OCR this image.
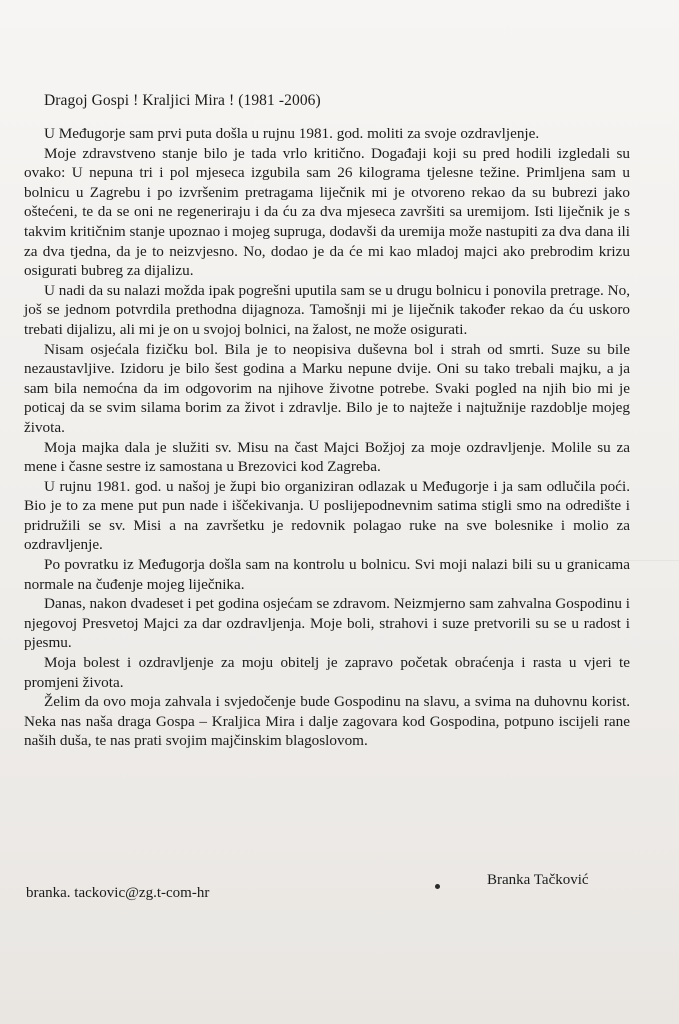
Dragoj Gospi ! Kraljici Mira ! (1981 -2006)

U Međugorje sam prvi puta došla u rujnu 1981. god. moliti za svoje ozdravljenje.

Moje zdravstveno stanje bilo je tada vrlo kritično. Događaji koji su pred hodili izgledali su ovako: U nepuna tri i pol mjeseca izgubila sam 26 kilograma tjelesne težine. Primljena sam u bolnicu u Zagrebu i po izvršenim pretragama liječnik mi je otvoreno rekao da su bubrezi jako oštećeni, te da se oni ne regeneriraju i da ću za dva mjeseca završiti sa uremijom. Isti liječnik je s takvim kritičnim stanje upoznao i mojeg supruga, dodavši da uremija može nastupiti za dva dana ili za dva tjedna, da je to neizvjesno. No, dodao je da će mi kao mladoj majci ako prebrodim krizu osigurati bubreg za dijalizu.

U nadi da su nalazi možda ipak pogrešni uputila sam se u drugu bolnicu i ponovila pretrage. No, još se jednom potvrdila prethodna dijagnoza. Tamošnji mi je liječnik također rekao da ću uskoro trebati dijalizu, ali mi je on u svojoj bolnici, na žalost, ne može osigurati.

Nisam osjećala fizičku bol. Bila je to neopisiva duševna bol i strah od smrti. Suze su bile nezaustavljive. Izidoru je bilo šest godina a Marku nepune dvije. Oni su tako trebali majku, a ja sam bila nemoćna da im odgovorim na njihove životne potrebe. Svaki pogled na njih bio mi je poticaj da se svim silama borim za život i zdravlje. Bilo je to najteže i najtužnije razdoblje mojeg života.

Moja majka dala je služiti sv. Misu na čast Majci Božjoj za moje ozdravljenje. Molile su za mene i časne sestre iz samostana u Brezovici kod Zagreba.

U rujnu 1981. god. u našoj je župi bio organiziran odlazak u Međugorje i ja sam odlučila poći. Bio je to za mene put pun nade i iščekivanja. U poslijepodnevnim satima stigli smo na odredište i pridružili se sv. Misi a na završetku je redovnik polagao ruke na sve bolesnike i molio za ozdravljenje.

Po povratku iz Međugorja došla sam na kontrolu u bolnicu. Svi moji nalazi bili su u granicama normale na čuđenje mojeg liječnika.

Danas, nakon dvadeset i pet godina osjećam se zdravom. Neizmjerno sam zahvalna Gospodinu i njegovoj Presvetoj Majci za dar ozdravljenja. Moje boli, strahovi i suze pretvorili su se u radost i pjesmu.

Moja bolest i ozdravljenje za moju obitelj je zapravo početak obraćenja i rasta u vjeri te promjeni života.

Želim da ovo moja zahvala i svjedočenje bude Gospodinu na slavu, a svima na duhovnu korist. Neka nas naša draga Gospa – Kraljica Mira i dalje zagovara kod Gospodina, potpuno iscijeli rane naših duša, te nas prati svojim majčinskim blagoslovom.

Branka Tačković
branka. tackovic@zg.t-com-hr
